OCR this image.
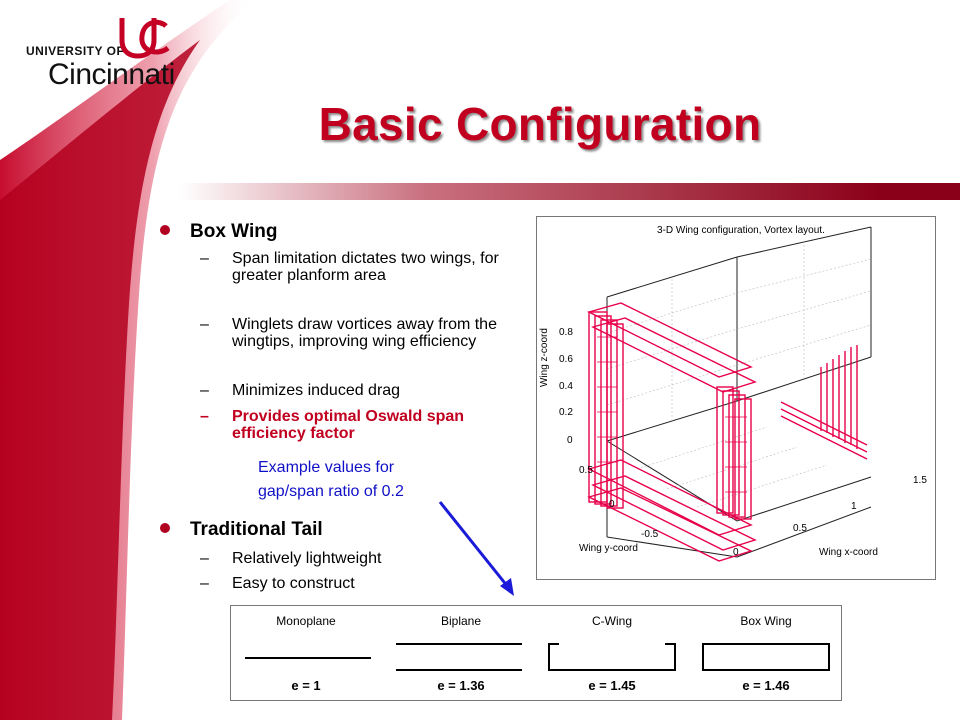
UNIVERSITY OF
Cincinnati
Basic Configuration
Box Wing
– Span limitation dictates two wings, for greater planform area
– Winglets draw vortices away from the wingtips, improving wing efficiency
– Minimizes induced drag
– Provides optimal Oswald span efficiency factor
Example values for
gap/span ratio of 0.2
Traditional Tail
– Relatively lightweight
– Easy to construct
3-D Wing configuration, Vortex layout.
Wing z-coord
Wing y-coord	Wing x-coord
0.8
0.6
0.4
0.2
0
0.5
0
-0.5
0
0.5
1
1.5
Monoplane
e = 1
Biplane
e = 1.36
C-Wing
e = 1.45
Box Wing
e = 1.46
